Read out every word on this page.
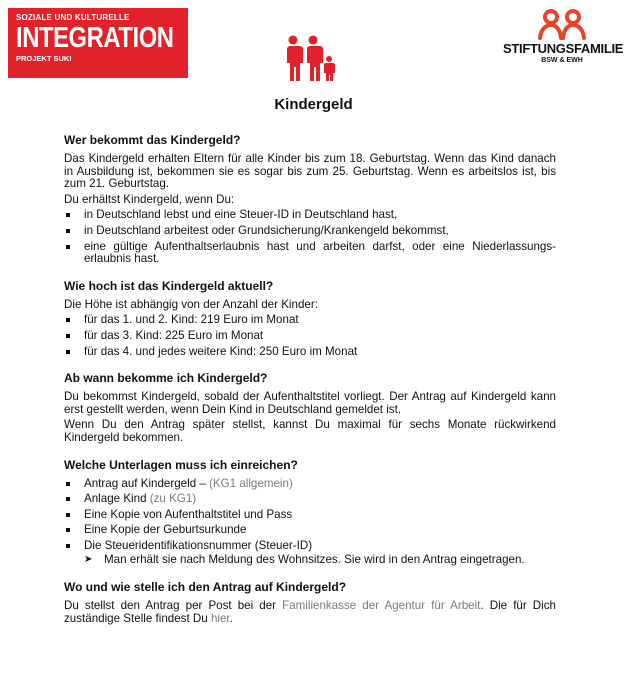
SOZIALE UND KULTURELLE
INTEGRATION
PROJEKT SUKI
STIFTUNGSFAMILIE
BSW & EWH
Kindergeld
Wer bekommt das Kindergeld?

Das Kindergeld erhalten Eltern für alle Kinder bis zum 18. Geburtstag. Wenn das Kind danach in Ausbildung ist, bekommen sie es sogar bis zum 25. Geburtstag. Wenn es arbeitslos ist, bis zum 21. Geburtstag.

Du erhältst Kindergeld, wenn Du:

in Deutschland lebst und eine Steuer-ID in Deutschland hast,
in Deutschland arbeitest oder Grundsicherung/Krankengeld bekommst,
eine gültige Aufenthaltserlaubnis hast und arbeiten darfst, oder eine Niederlassungs-erlaubnis hast.
Wie hoch ist das Kindergeld aktuell?

Die Höhe ist abhängig von der Anzahl der Kinder:

für das 1. und 2. Kind: 219 Euro im Monat
für das 3. Kind: 225 Euro im Monat
für das 4. und jedes weitere Kind: 250 Euro im Monat
Ab wann bekomme ich Kindergeld?

Du bekommst Kindergeld, sobald der Aufenthaltstitel vorliegt. Der Antrag auf Kindergeld kann erst gestellt werden, wenn Dein Kind in Deutschland gemeldet ist.

Wenn Du den Antrag später stellst, kannst Du maximal für sechs Monate rückwirkend Kindergeld bekommen.

Welche Unterlagen muss ich einreichen?
Antrag auf Kindergeld – (KG1 allgemein)
Anlage Kind (zu KG1)
Eine Kopie von Aufenthaltstitel und Pass
Eine Kopie der Geburtsurkunde
Die Steueridentifikationsnummer (Steuer-ID)
➤ Man erhält sie nach Meldung des Wohnsitzes. Sie wird in den Antrag eingetragen.
Wo und wie stelle ich den Antrag auf Kindergeld?

Du stellst den Antrag per Post bei der Familienkasse der Agentur für Arbeit. Die für Dich zuständige Stelle findest Du hier.
